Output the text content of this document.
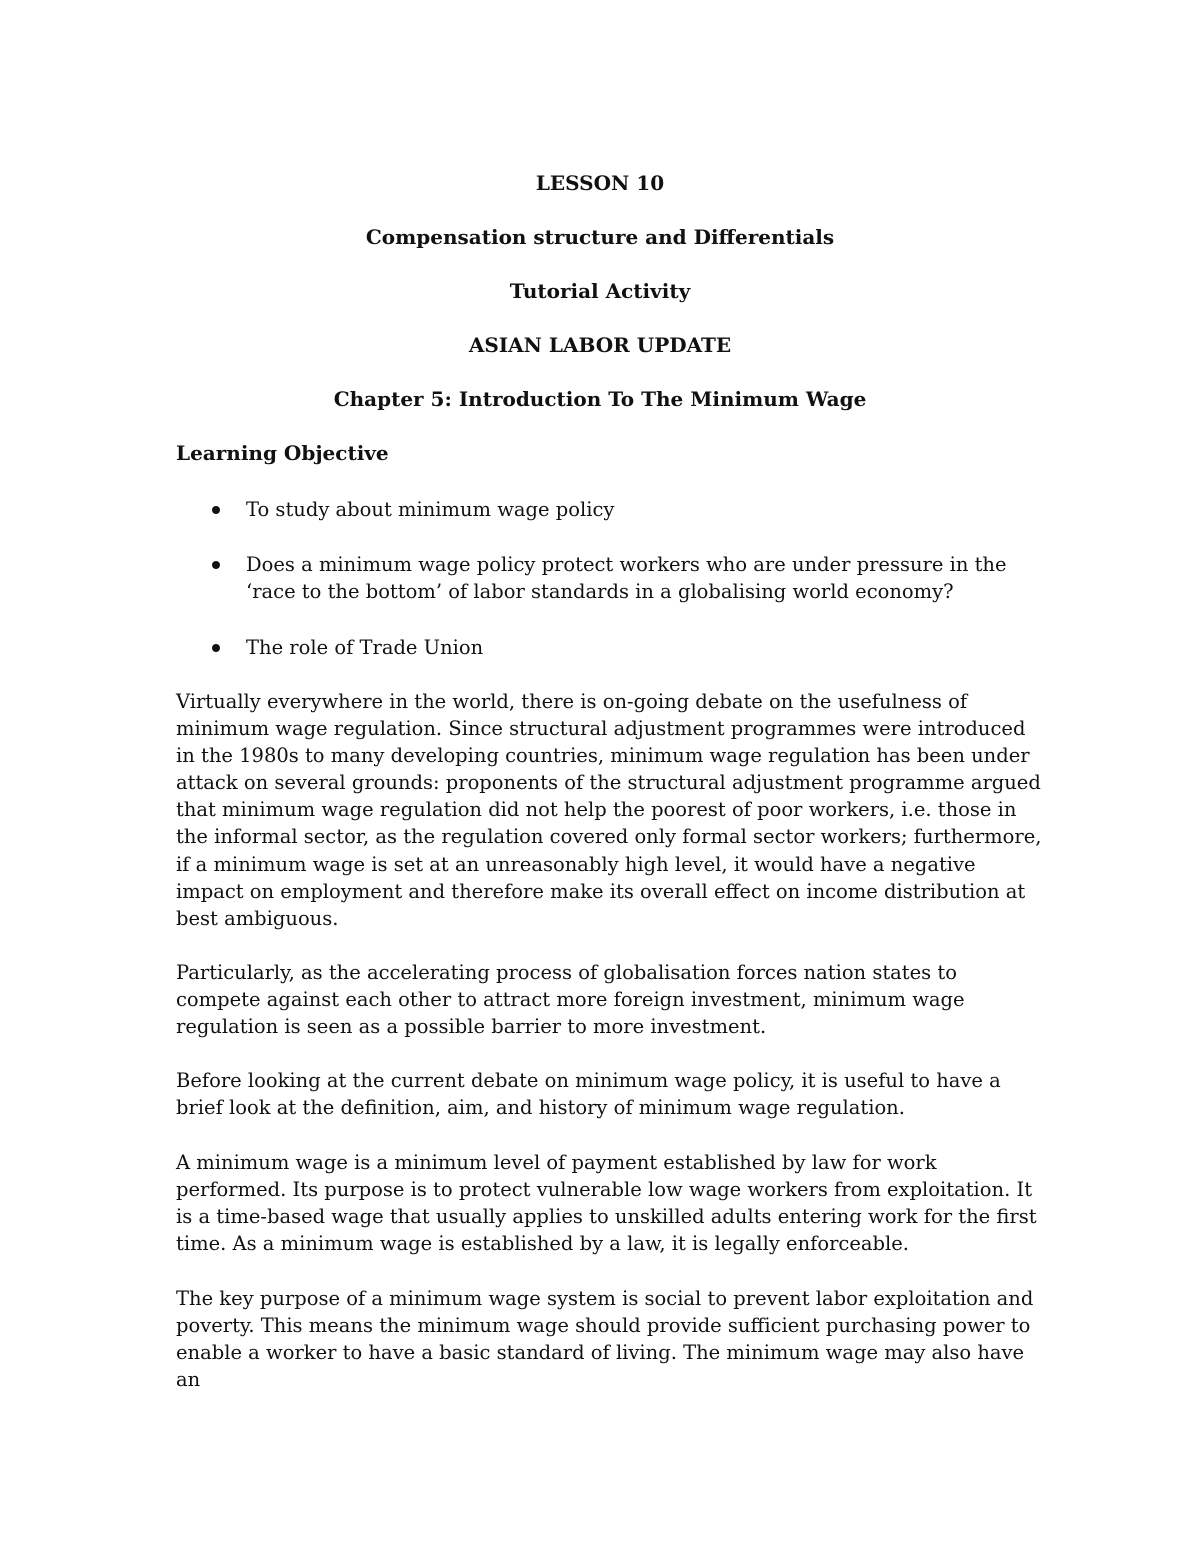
LESSON 10
Compensation structure and Differentials
Tutorial Activity
ASIAN LABOR UPDATE
Chapter 5: Introduction To The Minimum Wage
Learning Objective
To study about minimum wage policy
Does a minimum wage policy protect workers who are under pressure in the ‘race to the bottom’ of labor standards in a globalising world economy?
The role of Trade Union

Virtually everywhere in the world, there is on-going debate on the usefulness of minimum wage regulation. Since structural adjustment programmes were introduced in the 1980s to many developing countries, minimum wage regulation has been under attack on several grounds: proponents of the structural adjustment programme argued that minimum wage regulation did not help the poorest of poor workers, i.e. those in the informal sector, as the regulation covered only formal sector workers; furthermore, if a minimum wage is set at an unreasonably high level, it would have a negative impact on employment and therefore make its overall effect on income distribution at best ambiguous.

Particularly, as the accelerating process of globalisation forces nation states to compete against each other to attract more foreign investment, minimum wage regulation is seen as a possible barrier to more investment.

Before looking at the current debate on minimum wage policy, it is useful to have a brief look at the definition, aim, and history of minimum wage regulation.

A minimum wage is a minimum level of payment established by law for work performed. Its purpose is to protect vulnerable low wage workers from exploitation. It is a time-based wage that usually applies to unskilled adults entering work for the first time. As a minimum wage is established by a law, it is legally enforceable.

The key purpose of a minimum wage system is social to prevent labor exploitation and poverty. This means the minimum wage should provide sufficient purchasing power to enable a worker to have a basic standard of living. The minimum wage may also have an
